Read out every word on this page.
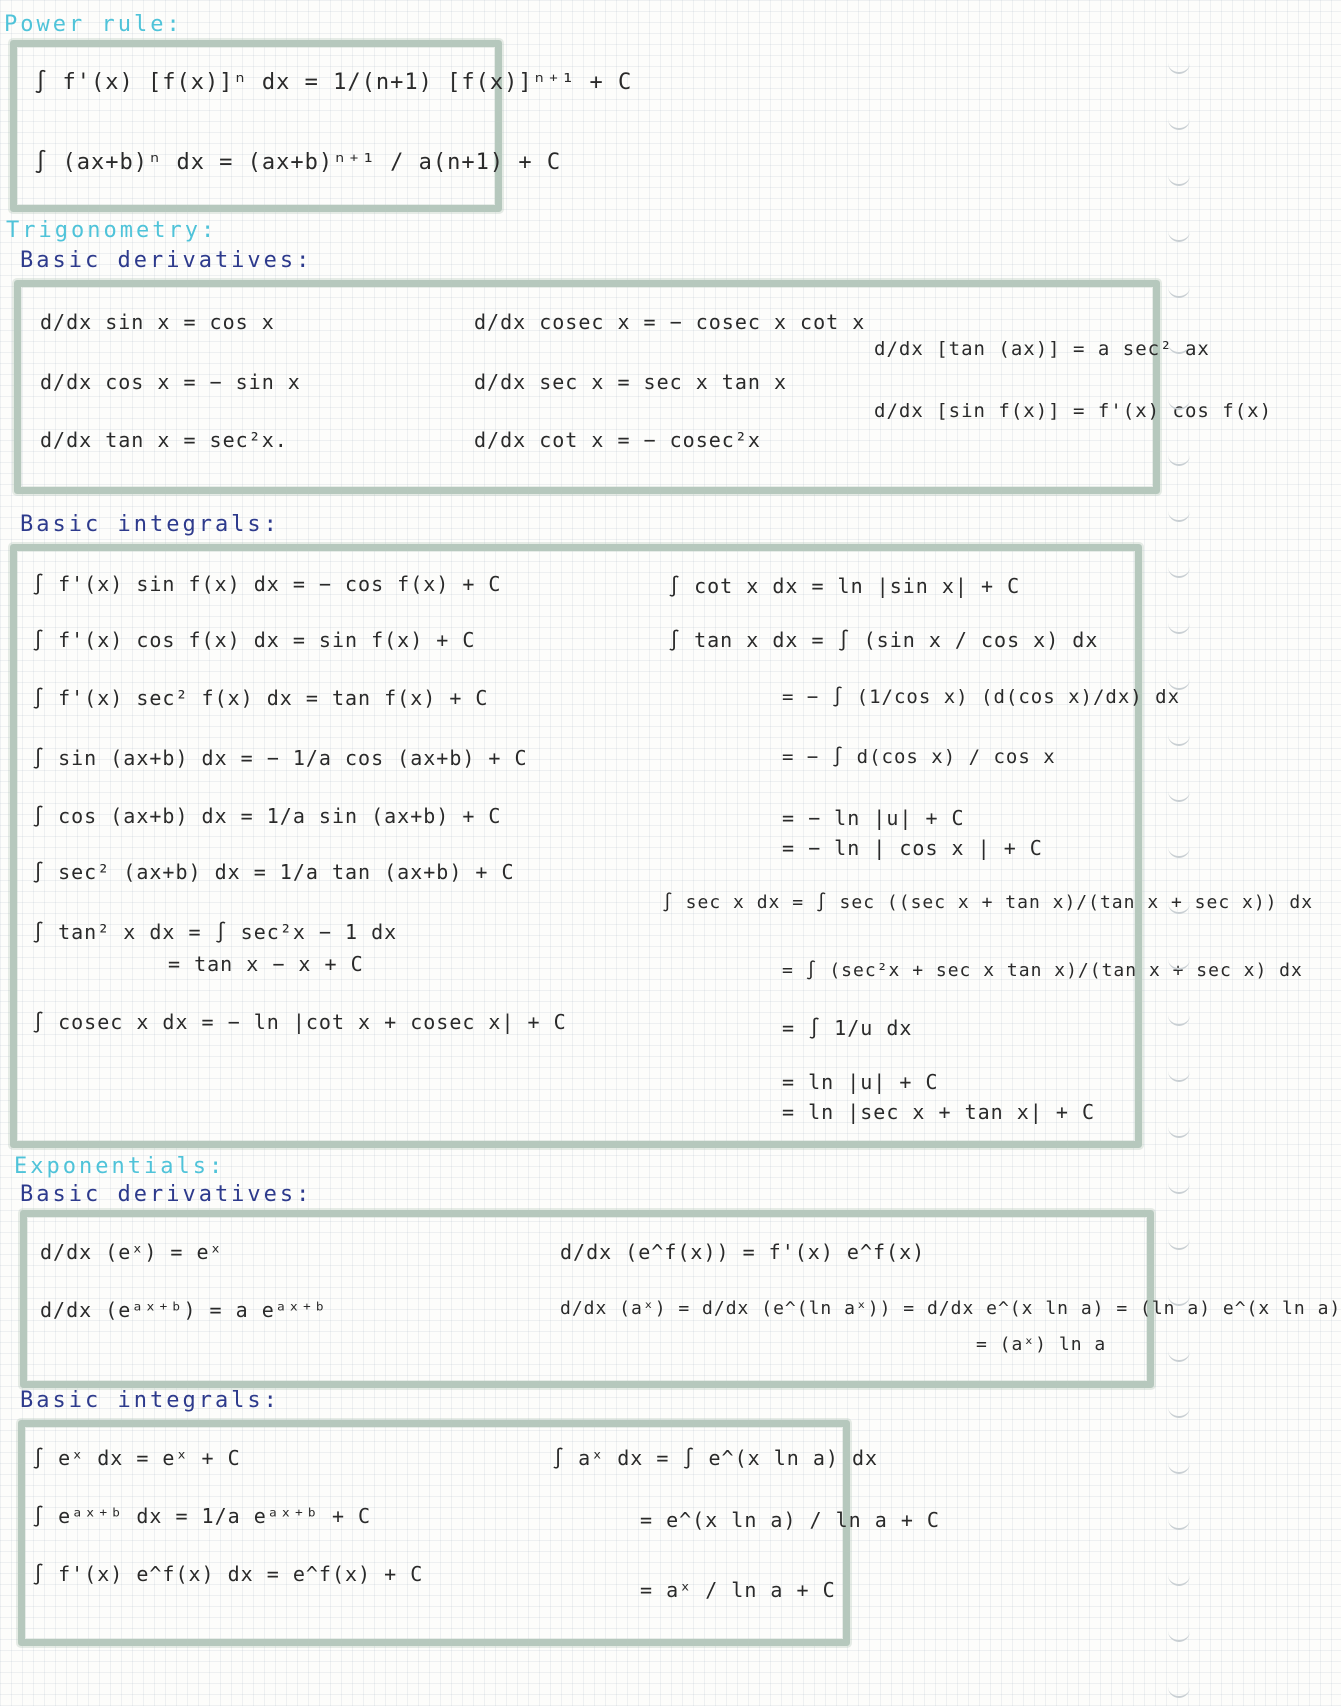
Power rule:
Trigonometry:
Basic derivatives:
Basic integrals:
Exponentials:
Basic derivatives:
Basic integrals:
∫ f'(x) [f(x)]ⁿ dx = 1/(n+1) [f(x)]ⁿ⁺¹ + C
∫ (ax+b)ⁿ dx = (ax+b)ⁿ⁺¹ / a(n+1) + C
d/dx sin x = cos x
d/dx cos x = − sin x
d/dx tan x = sec²x.
d/dx cosec x = − cosec x cot x
d/dx sec x = sec x tan x
d/dx cot x = − cosec²x
d/dx [tan (ax)] = a sec² ax
d/dx [sin f(x)] = f'(x) cos f(x)
∫ f'(x) sin f(x) dx = − cos f(x) + C
∫ f'(x) cos f(x) dx = sin f(x) + C
∫ f'(x) sec² f(x) dx = tan f(x) + C
∫ sin (ax+b) dx = − 1/a cos (ax+b) + C
∫ cos (ax+b) dx = 1/a sin (ax+b) + C
∫ sec² (ax+b) dx = 1/a tan (ax+b) + C
∫ tan² x dx = ∫ sec²x − 1 dx
= tan x − x + C
∫ cosec x dx = − ln |cot x + cosec x| + C
∫ cot x dx = ln |sin x| + C
∫ tan x dx = ∫ (sin x / cos x) dx
= − ∫ (1/cos x) (d(cos x)/dx) dx
= − ∫ d(cos x) / cos x
= − ln |u| + C
= − ln | cos x | + C
∫ sec x dx = ∫ sec ((sec x + tan x)/(tan x + sec x)) dx
= ∫ (sec²x + sec x tan x)/(tan x + sec x) dx
= ∫ 1/u dx
= ln |u| + C
= ln |sec x + tan x| + C
d/dx (eˣ) = eˣ
d/dx (eᵃˣ⁺ᵇ) = a eᵃˣ⁺ᵇ
d/dx (e^f(x)) = f'(x) e^f(x)
d/dx (aˣ) = d/dx (e^(ln aˣ)) = d/dx e^(x ln a) = (ln a) e^(x ln a)
= (aˣ) ln a
∫ eˣ dx = eˣ + C
∫ eᵃˣ⁺ᵇ dx = 1/a eᵃˣ⁺ᵇ + C
∫ f'(x) e^f(x) dx = e^f(x) + C
∫ aˣ dx = ∫ e^(x ln a) dx
= e^(x ln a) / ln a + C
= aˣ / ln a + C
